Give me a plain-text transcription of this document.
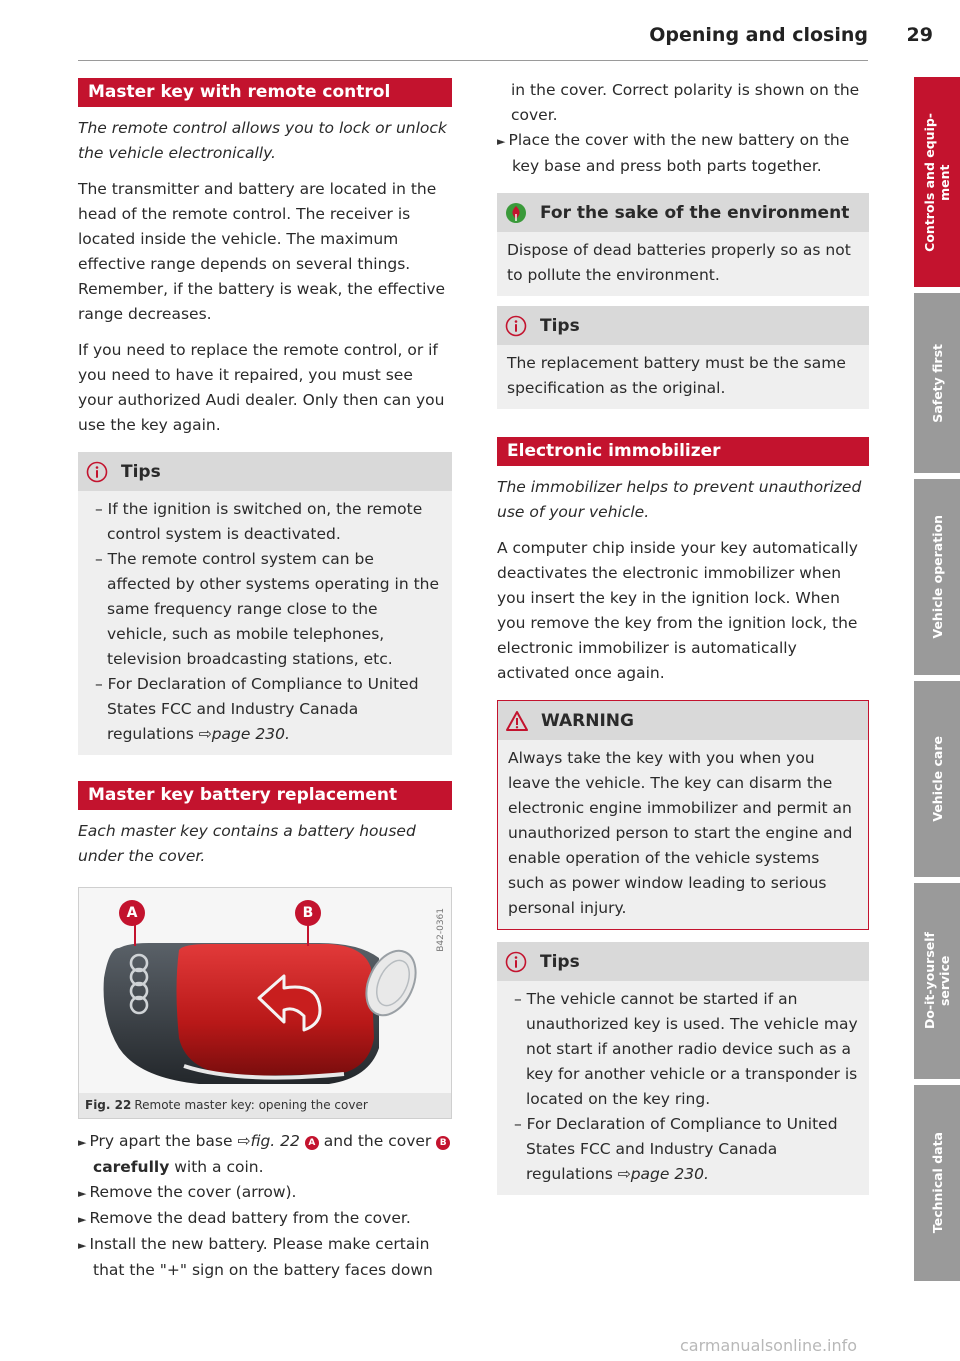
Opening and closing 29
Master key with remote control

The remote control allows you to lock or unlock the vehicle electronically.

The transmitter and battery are located in the head of the remote control. The receiver is located inside the vehicle. The maximum effective range depends on several things. Remember, if the battery is weak, the effective range decreases.

If you need to replace the remote control, or if you need to have it repaired, you must see your authorized Audi dealer. Only then can you use the key again.

Tips
– If the ignition is switched on, the remote control system is deactivated.
– The remote control system can be affected by other systems operating in the same frequency range close to the vehicle, such as mobile telephones, television broadcasting stations, etc.
– For Declaration of Compliance to United States FCC and Industry Canada regulations ⇨page 230.
Master key battery replacement

Each master key contains a battery housed under the cover.

A	B	B42-0361
Fig. 22 Remote master key: opening the cover
► Pry apart the base ⇨fig. 22 A and the cover B carefully with a coin.
► Remove the cover (arrow).
► Remove the dead battery from the cover.
► Install the new battery. Please make certain that the "+" sign on the battery faces down

in the cover. Correct polarity is shown on the cover.

► Place the cover with the new battery on the key base and press both parts together.
For the sake of the environment

Dispose of dead batteries properly so as not to pollute the environment.

Tips

The replacement battery must be the same specification as the original.

Electronic immobilizer

The immobilizer helps to prevent unauthorized use of your vehicle.

A computer chip inside your key automatically deactivates the electronic immobilizer when you insert the key in the ignition lock. When you remove the key from the ignition lock, the electronic immobilizer is automatically activated once again.

WARNING

Always take the key with you when you leave the vehicle. The key can disarm the electronic engine immobilizer and permit an unauthorized person to start the engine and enable operation of the vehicle systems such as power window leading to serious personal injury.

Tips
– The vehicle cannot be started if an unauthorized key is used. The vehicle may not start if another radio device such as a key for another vehicle or a transponder is located on the key ring.
– For Declaration of Compliance to United States FCC and Industry Canada regulations ⇨page 230.
Controls and equip-
ment
Safety first
Vehicle operation
Vehicle care
Do-it-yourself
service
Technical data
carmanualsonline.info
